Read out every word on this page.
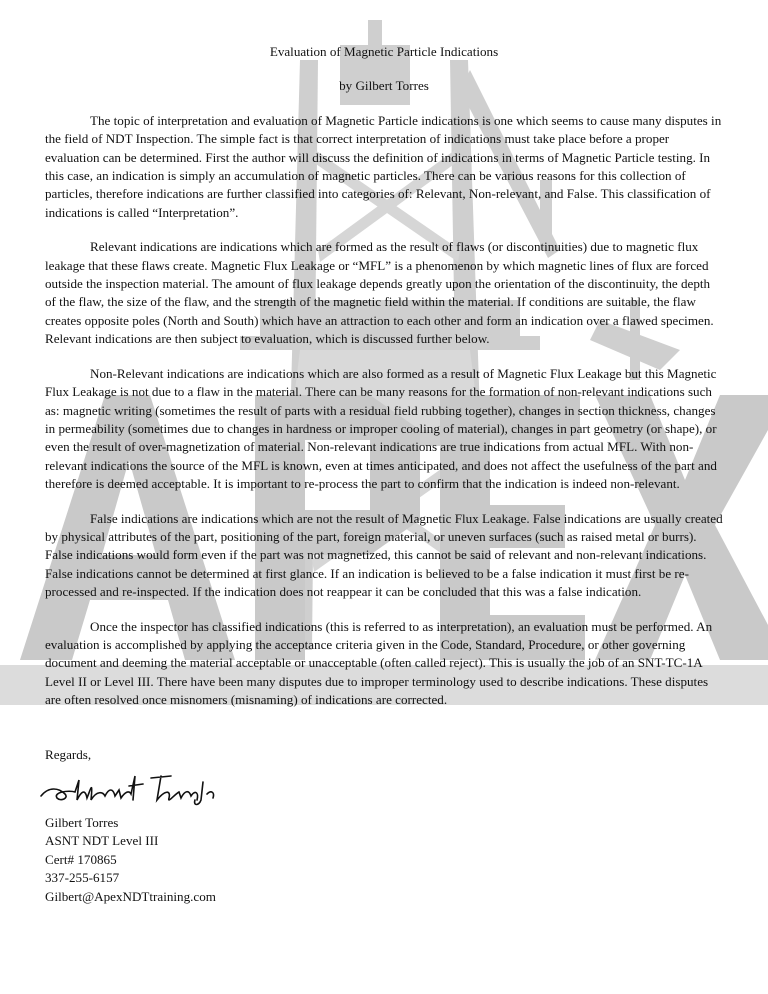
Evaluation of Magnetic Particle Indications

by Gilbert Torres

The topic of interpretation and evaluation of Magnetic Particle indications is one which seems to cause many disputes in the field of NDT Inspection. The simple fact is that correct interpretation of indications must take place before a proper evaluation can be determined. First the author will discuss the definition of indications in terms of Magnetic Particle testing. In this case, an indication is simply an accumulation of magnetic particles. There can be various reasons for this collection of particles, therefore indications are further classified into categories of: Relevant, Non-relevant, and False. This classification of indications is called “Interpretation”.

Relevant indications are indications which are formed as the result of flaws (or discontinuities) due to magnetic flux leakage that these flaws create. Magnetic Flux Leakage or “MFL” is a phenomenon by which magnetic lines of flux are forced outside the inspection material. The amount of flux leakage depends greatly upon the orientation of the discontinuity, the depth of the flaw, the size of the flaw, and the strength of the magnetic field within the material. If conditions are suitable, the flaw creates opposite poles (North and South) which have an attraction to each other and form an indication over a flawed specimen. Relevant indications are then subject to evaluation, which is discussed further below.

Non-Relevant indications are indications which are also formed as a result of Magnetic Flux Leakage but this Magnetic Flux Leakage is not due to a flaw in the material. There can be many reasons for the formation of non-relevant indications such as: magnetic writing (sometimes the result of parts with a residual field rubbing together), changes in section thickness, changes in permeability (sometimes due to changes in hardness or improper cooling of material), changes in part geometry (or shape), or even the result of over-magnetization of material. Non-relevant indications are true indications from actual MFL. With non-relevant indications the source of the MFL is known, even at times anticipated, and does not affect the usefulness of the part and therefore is deemed acceptable. It is important to re-process the part to confirm that the indication is indeed non-relevant.

False indications are indications which are not the result of Magnetic Flux Leakage. False indications are usually created by physical attributes of the part, positioning of the part, foreign material, or uneven surfaces (such as raised metal or burrs). False indications would form even if the part was not magnetized, this cannot be said of relevant and non-relevant indications. False indications cannot be determined at first glance. If an indication is believed to be a false indication it must first be re-processed and re-inspected. If the indication does not reappear it can be concluded that this was a false indication.

Once the inspector has classified indications (this is referred to as interpretation), an evaluation must be performed. An evaluation is accomplished by applying the acceptance criteria given in the Code, Standard, Procedure, or other governing document and deeming the material acceptable or unacceptable (often called reject). This is usually the job of an SNT-TC-1A Level II or Level III. There have been many disputes due to improper terminology used to describe indications. These disputes are often resolved once misnomers (misnaming) of indications are corrected.

Regards,
Gilbert Torres
ASNT NDT Level III
Cert# 170865
337-255-6157
Gilbert@ApexNDTtraining.com
